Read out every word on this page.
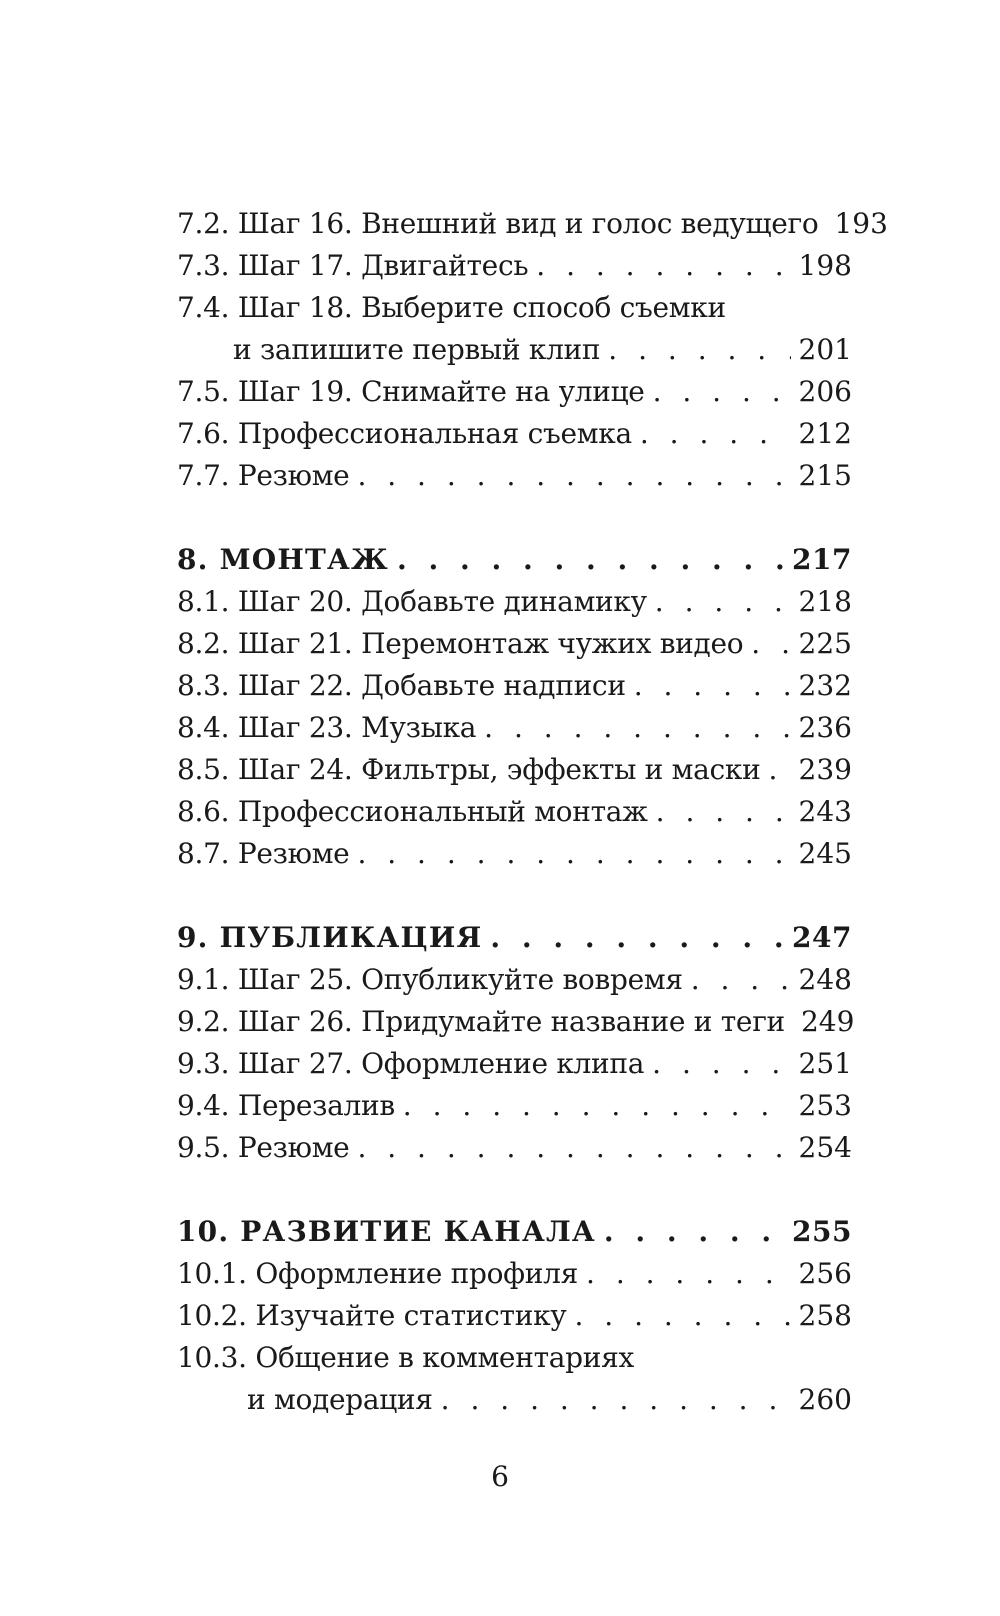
7.2. Шаг 16. Внешний вид и голос ведущего 193
7.3. Шаг 17. Двигайтесь . . .	198
7.4. Шаг 18. Выберите способ съемки
и запишите первый клип . . .	201
7.5. Шаг 19. Снимайте на улице . . .	206
7.6. Профессиональная съемка . . .	212
7.7. Резюме . . .	215
8. МОНТАЖ . . .	217
8.1. Шаг 20. Добавьте динамику . . .	218
8.2. Шаг 21. Перемонтаж чужих видео . . . 225
8.3. Шаг 22. Добавьте надписи . . .	232
8.4. Шаг 23. Музыка . . .	236
8.5. Шаг 24. Фильтры, эффекты и маски . . . 239
8.6. Профессиональный монтаж . . .	243
8.7. Резюме . . .	245
9. ПУБЛИКАЦИЯ . . .	247
9.1. Шаг 25. Опубликуйте вовремя . . .	248
9.2. Шаг 26. Придумайте название и теги 249
9.3. Шаг 27. Оформление клипа . . .	251
9.4. Перезалив . . .	253
9.5. Резюме . . .	254
10. РАЗВИТИЕ КАНАЛА . . .	255
10.1. Оформление профиля . . .	256
10.2. Изучайте статистику . . .	258
10.3. Общение в комментариях
и модерация . . .	260
6
